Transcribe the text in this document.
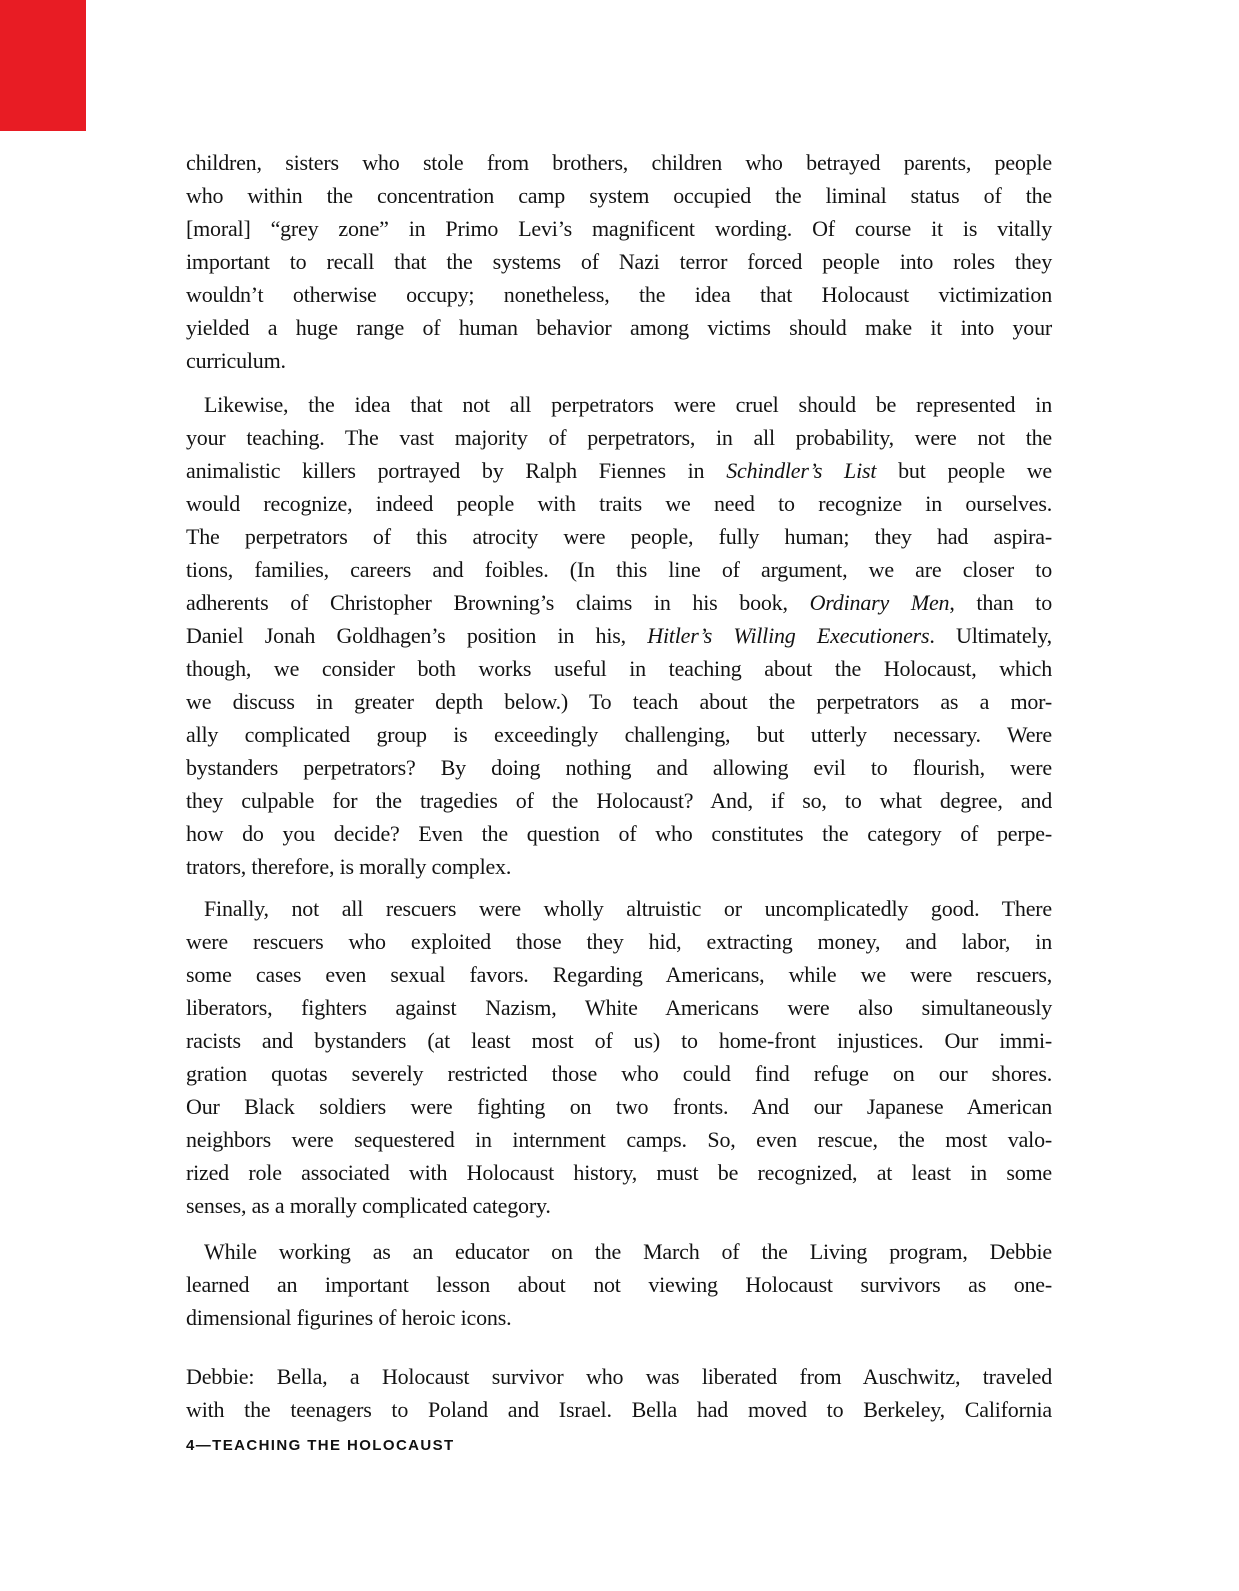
children, sisters who stole from brothers, children who betrayed parents, people
who within the concentration camp system occupied the liminal status of the
[moral] “grey zone” in Primo Levi’s magnificent wording. Of course it is vitally
important to recall that the systems of Nazi terror forced people into roles they
wouldn’t otherwise occupy; nonetheless, the idea that Holocaust victimization
yielded a huge range of human behavior among victims should make it into your
curriculum.
Likewise, the idea that not all perpetrators were cruel should be represented in
your teaching. The vast majority of perpetrators, in all probability, were not the
animalistic killers portrayed by Ralph Fiennes in Schindler’s List but people we
would recognize, indeed people with traits we need to recognize in ourselves.
The perpetrators of this atrocity were people, fully human; they had aspira-
tions, families, careers and foibles. (In this line of argument, we are closer to
adherents of Christopher Browning’s claims in his book, Ordinary Men, than to
Daniel Jonah Goldhagen’s position in his, Hitler’s Willing Executioners. Ultimately,
though, we consider both works useful in teaching about the Holocaust, which
we discuss in greater depth below.) To teach about the perpetrators as a mor-
ally complicated group is exceedingly challenging, but utterly necessary. Were
bystanders perpetrators? By doing nothing and allowing evil to flourish, were
they culpable for the tragedies of the Holocaust? And, if so, to what degree, and
how do you decide? Even the question of who constitutes the category of perpe-
trators, therefore, is morally complex.
Finally, not all rescuers were wholly altruistic or uncomplicatedly good. There
were rescuers who exploited those they hid, extracting money, and labor, in
some cases even sexual favors. Regarding Americans, while we were rescuers,
liberators, fighters against Nazism, White Americans were also simultaneously
racists and bystanders (at least most of us) to home-front injustices. Our immi-
gration quotas severely restricted those who could find refuge on our shores.
Our Black soldiers were fighting on two fronts. And our Japanese American
neighbors were sequestered in internment camps. So, even rescue, the most valo-
rized role associated with Holocaust history, must be recognized, at least in some
senses, as a morally complicated category.
While working as an educator on the March of the Living program, Debbie
learned an important lesson about not viewing Holocaust survivors as one-
dimensional figurines of heroic icons.
Debbie: Bella, a Holocaust survivor who was liberated from Auschwitz, traveled
with the teenagers to Poland and Israel. Bella had moved to Berkeley, California
4—TEACHING THE HOLOCAUST
